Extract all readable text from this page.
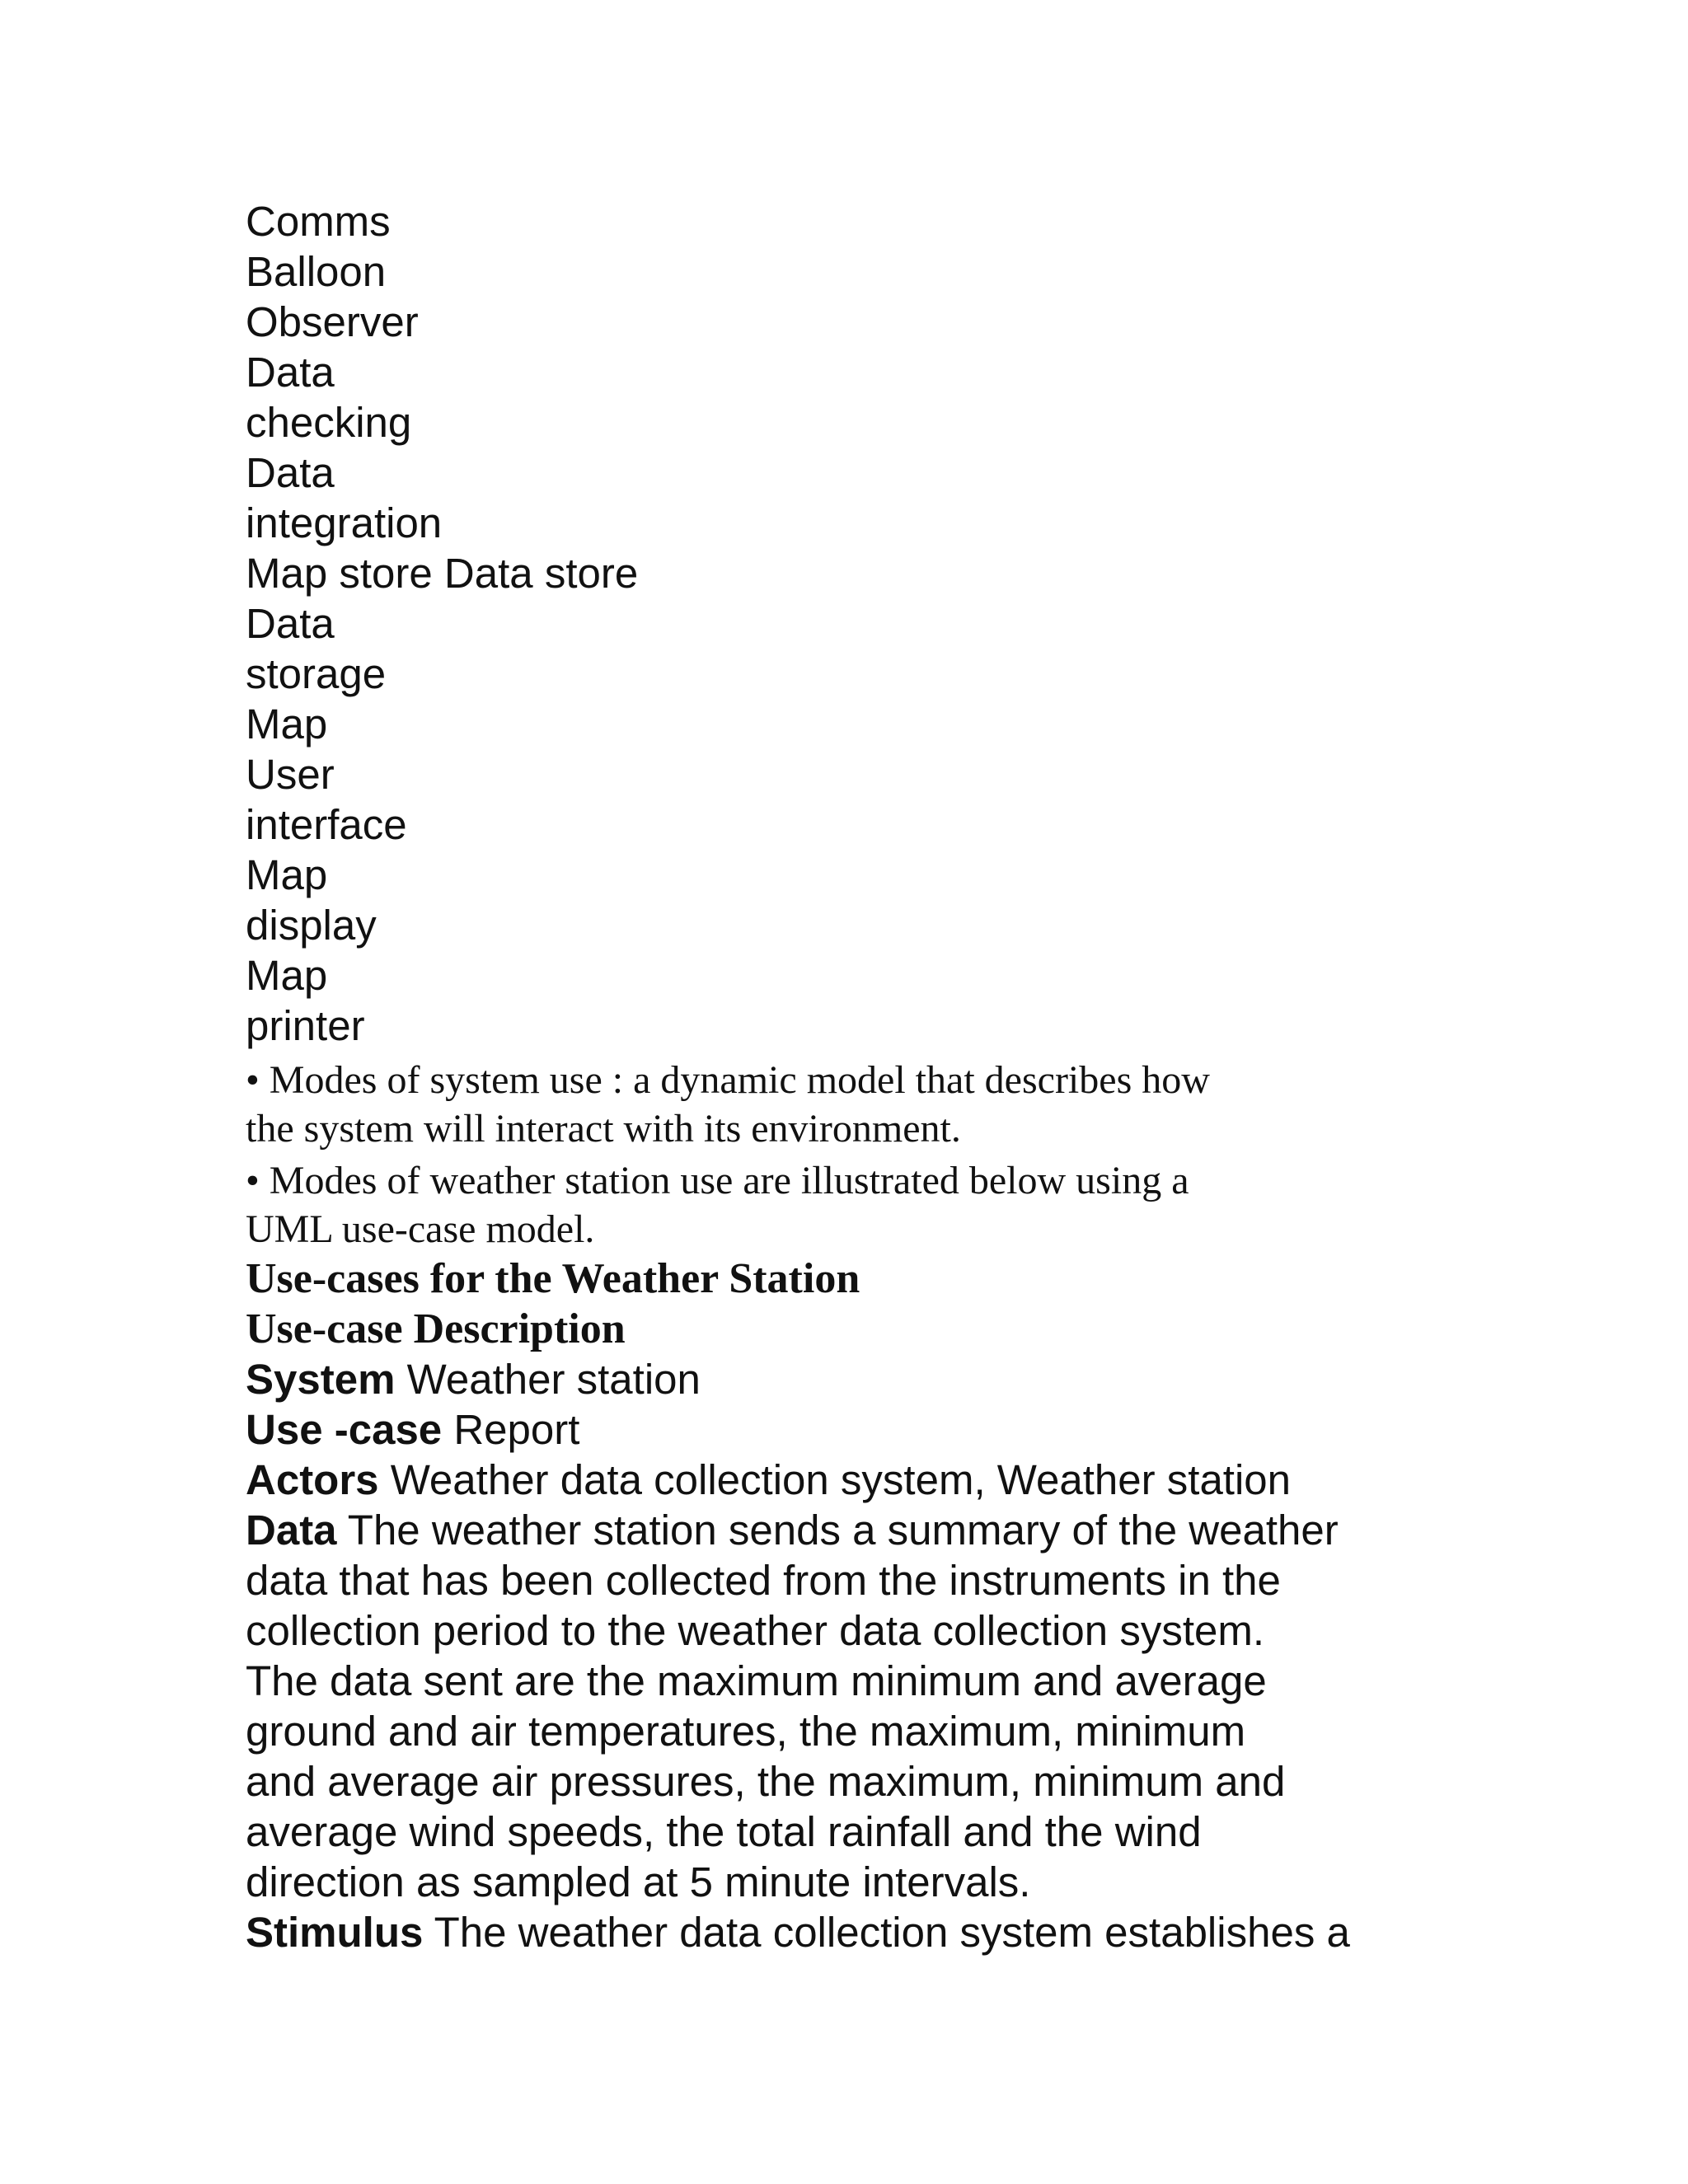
Comms
Balloon
Observer
Data
checking
Data
integration
Map store Data store
Data
storage
Map
User
interface
Map
display
Map
printer
• Modes of system use : a dynamic model that describes how
the system will interact with its environment.
• Modes of weather station use are illustrated below using a
UML use-case model.
Use-cases for the Weather Station
Use-case Description
System Weather station
Use -case Report
Actors Weather data collection system, Weather station
Data The weather station sends a summary of the weather
data that has been collected from the instruments in the
collection period to the weather data collection system.
The data sent are the maximum minimum and average
ground and air temperatures, the maximum, minimum
and average air pressures, the maximum, minimum and
average wind speeds, the total rainfall and the wind
direction as sampled at 5 minute intervals.
Stimulus The weather data collection system establishes a
